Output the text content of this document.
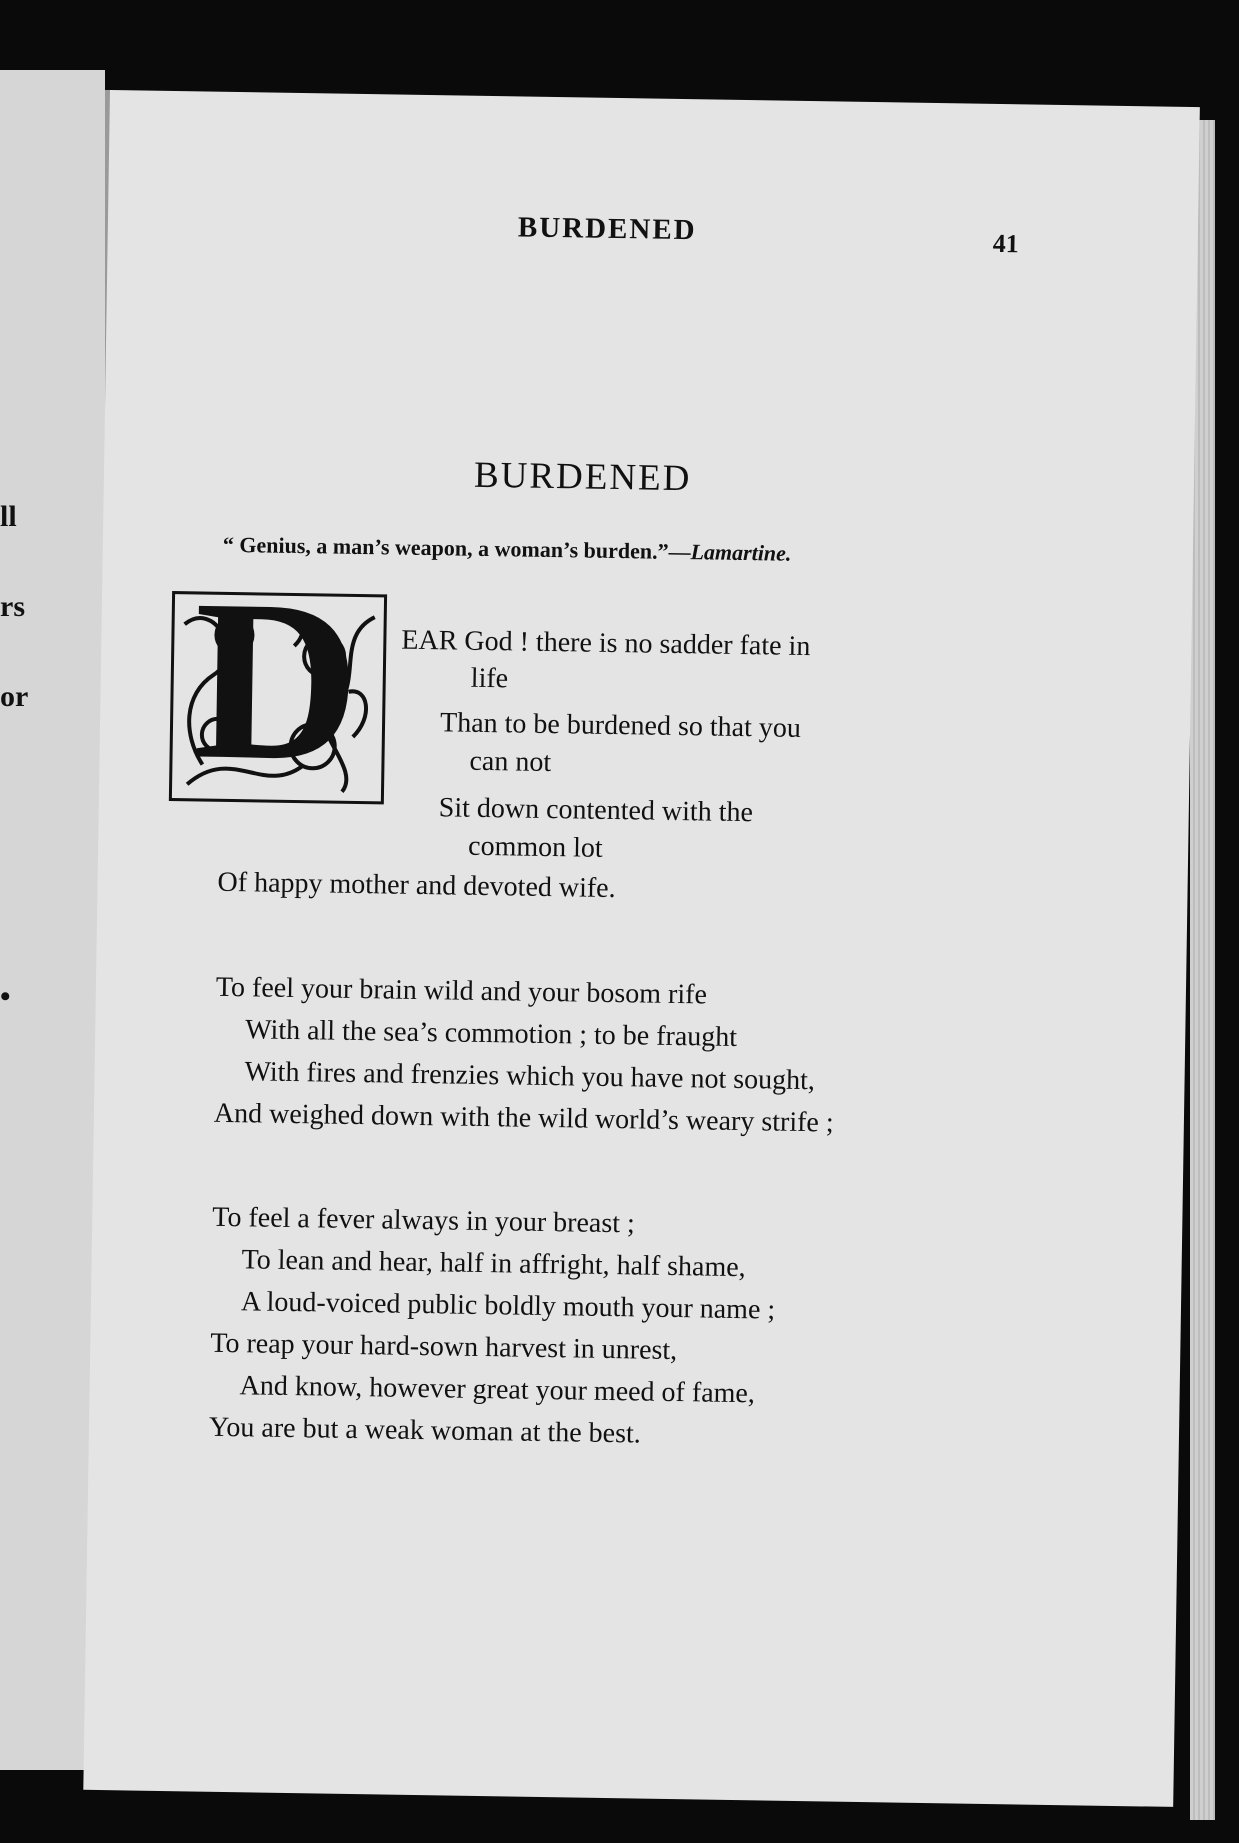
ll
rs
or
•
BURDENED	41
BURDENED
“ Genius, a man’s weapon, a woman’s burden.”—Lamartine.
D EAR God ! there is no sadder fate in
life
Than to be burdened so that you
can not
Sit down contented with the
common lot
Of happy mother and devoted wife.
To feel your brain wild and your bosom rife
With all the sea’s commotion ; to be fraught
With fires and frenzies which you have not sought,
And weighed down with the wild world’s weary strife ;
To feel a fever always in your breast ;
To lean and hear, half in affright, half shame,
A loud-voiced public boldly mouth your name ;
To reap your hard-sown harvest in unrest,
And know, however great your meed of fame,
You are but a weak woman at the best.
